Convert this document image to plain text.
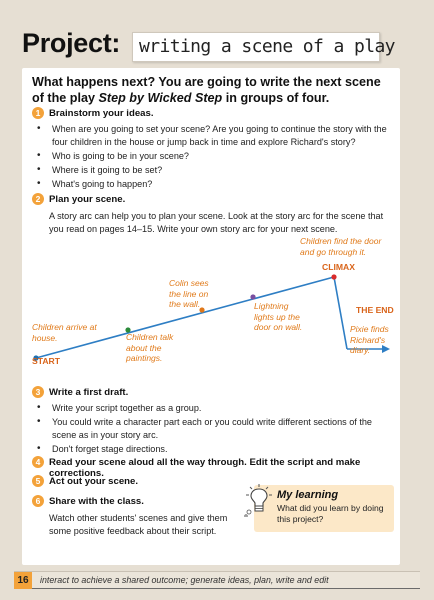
Project:	writing a scene of a play
What happens next? You are going to write the next scene of the play Step by Wicked Step in groups of four.
1 Brainstorm your ideas.
• When are you going to set your scene? Are you going to continue the story with the four children in the house or jump back in time and explore Richard's story?
• Who is going to be in your scene?
• Where is it going to be set?
• What's going to happen?
2 Plan your scene.
A story arc can help you to plan your scene. Look at the story arc for the scene that you read on pages 14–15. Write your own story arc for your next scene.
Children arrive at house.
START
Children talk about the paintings.
Colin sees the line on the wall.	Lightning lights up the door on wall.
Children find the door and go through it.
CLIMAX
THE END
Pixie finds Richard's diary.
3 Write a first draft.
• Write your script together as a group.
• You could write a character part each or you could write different sections of the scene as in your story arc.
• Don't forget stage directions.
4 Read your scene aloud all the way through. Edit the script and make corrections.
5 Act out your scene.
6 Share with the class.
Watch other students' scenes and give them some positive feedback about their script.
My learning
What did you learn by doing this project?
16	interact to achieve a shared outcome; generate ideas, plan, write and edit
